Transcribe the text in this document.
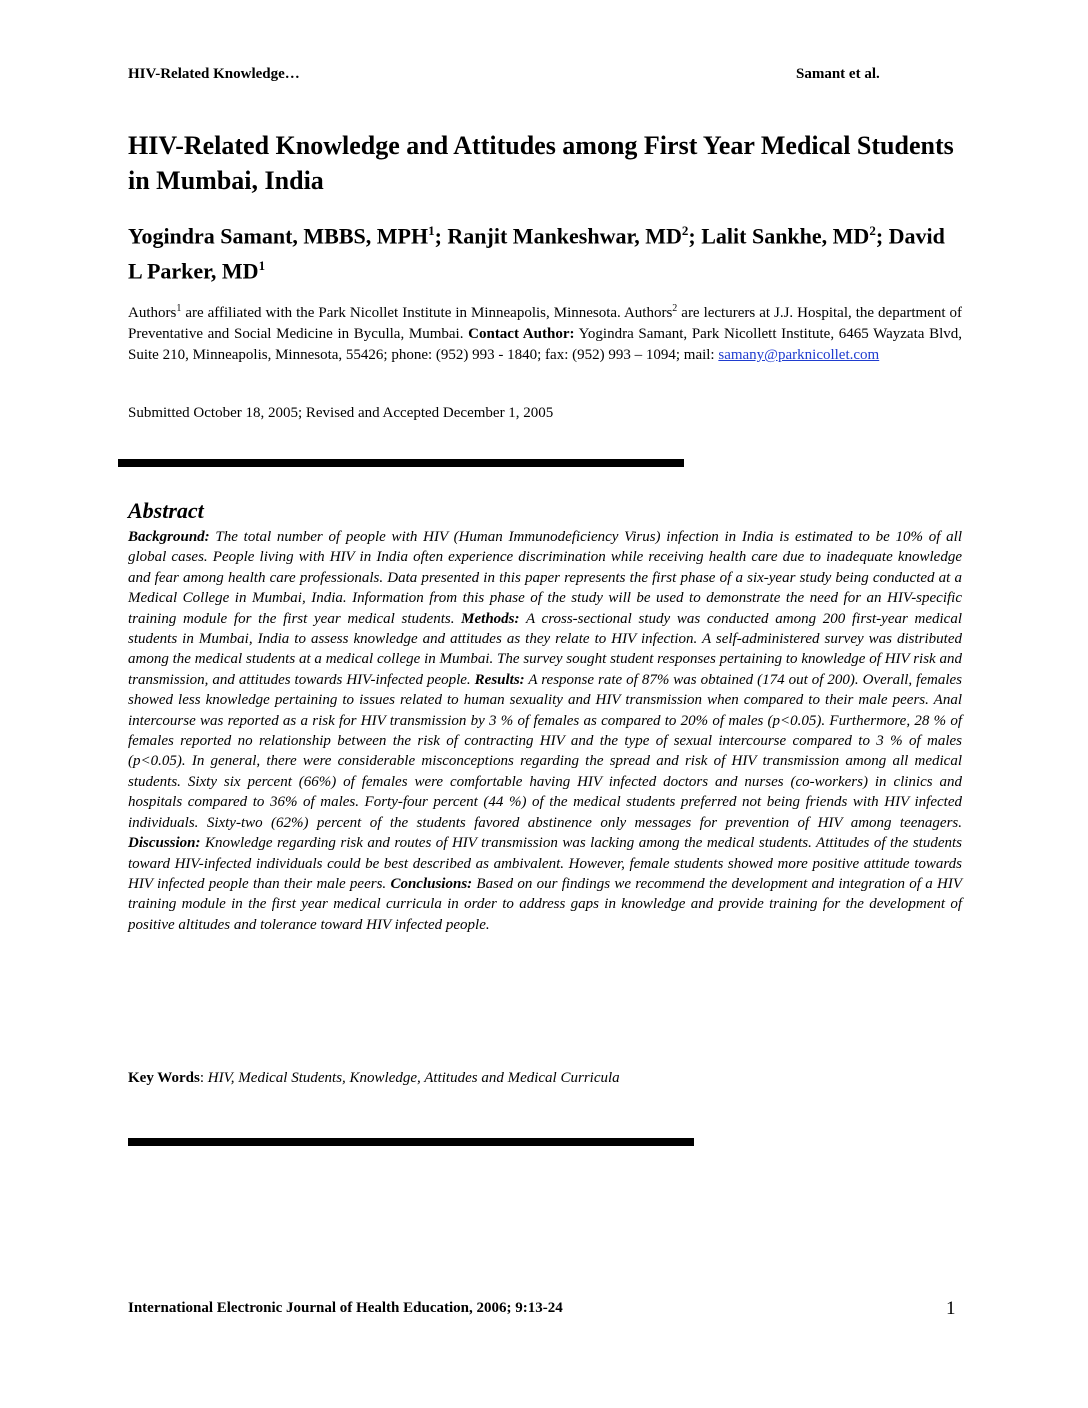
HIV-Related Knowledge…	Samant et al.
HIV-Related Knowledge and Attitudes among First Year Medical Students in Mumbai, India
Yogindra Samant, MBBS, MPH$^1$; Ranjit Mankeshwar, $MD^2$; Lalit Sankhe, $MD^2$; David L Parker, $MD^1$
Authors$^1$ are affiliated with the Park Nicollet Institute in Minneapolis, Minnesota. Authors$^2$ are lecturers at J.J. Hospital, the department of Preventative and Social Medicine in Byculla, Mumbai. Contact Author: Yogindra Samant, Park Nicollett Institute, 6465 Wayzata Blvd, Suite 210, Minneapolis, Minnesota, 55426; phone: (952) 993 - 1840; fax: (952) 993 – 1094; mail: samany@parknicollet.com
Submitted October 18, 2005; Revised and Accepted December 1, 2005
Abstract

Background: The total number of people with HIV (Human Immunodeficiency Virus) infection in India is estimated to be 10% of all global cases. People living with HIV in India often experience discrimination while receiving health care due to inadequate knowledge and fear among health care professionals. Data presented in this paper represents the first phase of a six-year study being conducted at a Medical College in Mumbai, India. Information from this phase of the study will be used to demonstrate the need for an HIV-specific training module for the first year medical students. Methods: A cross-sectional study was conducted among 200 first-year medical students in Mumbai, India to assess knowledge and attitudes as they relate to HIV infection. A self-administered survey was distributed among the medical students at a medical college in Mumbai. The survey sought student responses pertaining to knowledge of HIV risk and transmission, and attitudes towards HIV-infected people. Results: A response rate of 87% was obtained (174 out of 200). Overall, females showed less knowledge pertaining to issues related to human sexuality and HIV transmission when compared to their male peers. Anal intercourse was reported as a risk for HIV transmission by 3 % of females as compared to 20% of males (p<0.05). Furthermore, 28 % of females reported no relationship between the risk of contracting HIV and the type of sexual intercourse compared to 3 % of males (p<0.05). In general, there were considerable misconceptions regarding the spread and risk of HIV transmission among all medical students. Sixty six percent (66%) of females were comfortable having HIV infected doctors and nurses (co-workers) in clinics and hospitals compared to 36% of males. Forty-four percent (44 %) of the medical students preferred not being friends with HIV infected individuals. Sixty-two (62%) percent of the students favored abstinence only messages for prevention of HIV among teenagers. Discussion: Knowledge regarding risk and routes of HIV transmission was lacking among the medical students. Attitudes of the students toward HIV-infected individuals could be best described as ambivalent. However, female students showed more positive attitude towards HIV infected people than their male peers. Conclusions: Based on our findings we recommend the development and integration of a HIV training module in the first year medical curricula in order to address gaps in knowledge and provide training for the development of positive altitudes and tolerance toward HIV infected people.

Key Words: HIV, Medical Students, Knowledge, Attitudes and Medical Curricula
International Electronic Journal of Health Education, 2006; 9:13-24	1
